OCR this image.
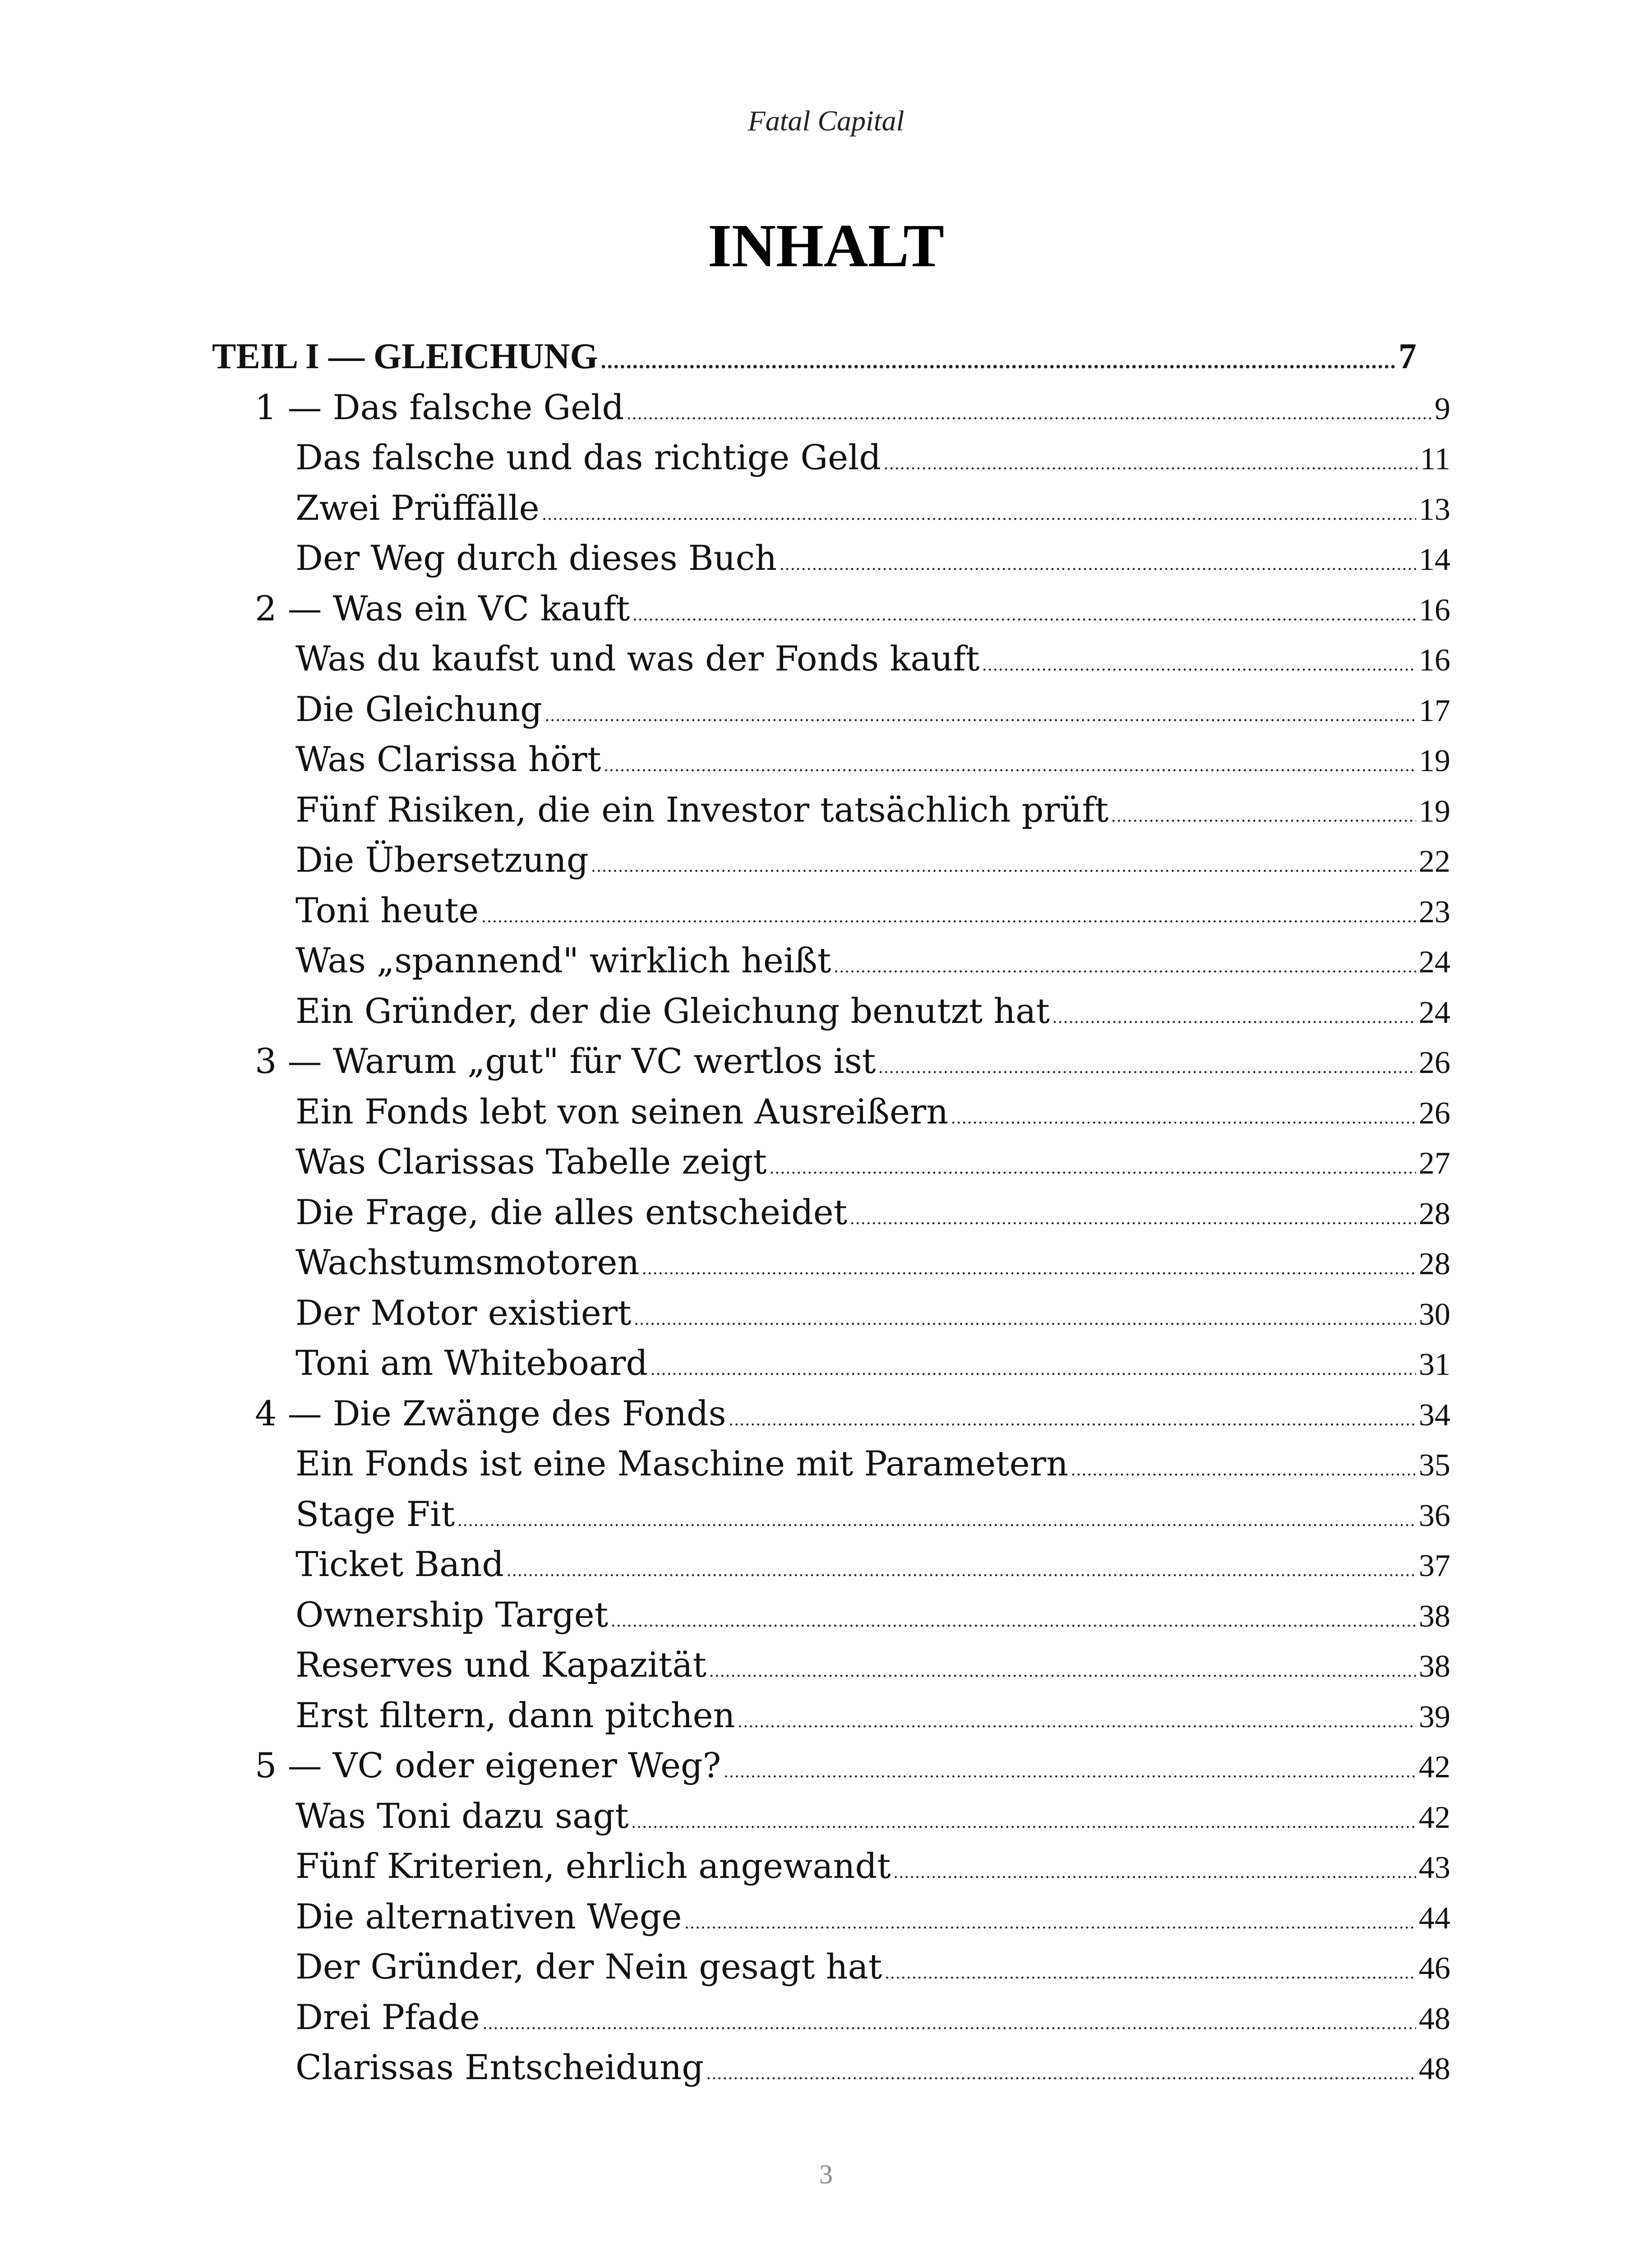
Fatal Capital
INHALT
TEIL I — GLEICHUNG .....	7
1 — Das falsche Geld .....	9
Das falsche und das richtige Geld .....	11
Zwei Prüffälle .....	13
Der Weg durch dieses Buch .....	14
2 — Was ein VC kauft .....	16
Was du kaufst und was der Fonds kauft .....	16
Die Gleichung .....	17
Was Clarissa hört .....	19
Fünf Risiken, die ein Investor tatsächlich prüft .....	19
Die Übersetzung .....	22
Toni heute .....	23
Was „spannend" wirklich heißt .....	24
Ein Gründer, der die Gleichung benutzt hat .....	24
3 — Warum „gut" für VC wertlos ist .....	26
Ein Fonds lebt von seinen Ausreißern .....	26
Was Clarissas Tabelle zeigt .....	27
Die Frage, die alles entscheidet .....	28
Wachstumsmotoren .....	28
Der Motor existiert .....	30
Toni am Whiteboard .....	31
4 — Die Zwänge des Fonds .....	34
Ein Fonds ist eine Maschine mit Parametern .....	35
Stage Fit .....	36
Ticket Band .....	37
Ownership Target .....	38
Reserves und Kapazität .....	38
Erst filtern, dann pitchen .....	39
5 — VC oder eigener Weg? .....	42
Was Toni dazu sagt .....	42
Fünf Kriterien, ehrlich angewandt .....	43
Die alternativen Wege .....	44
Der Gründer, der Nein gesagt hat .....	46
Drei Pfade .....	48
Clarissas Entscheidung .....	48
3
